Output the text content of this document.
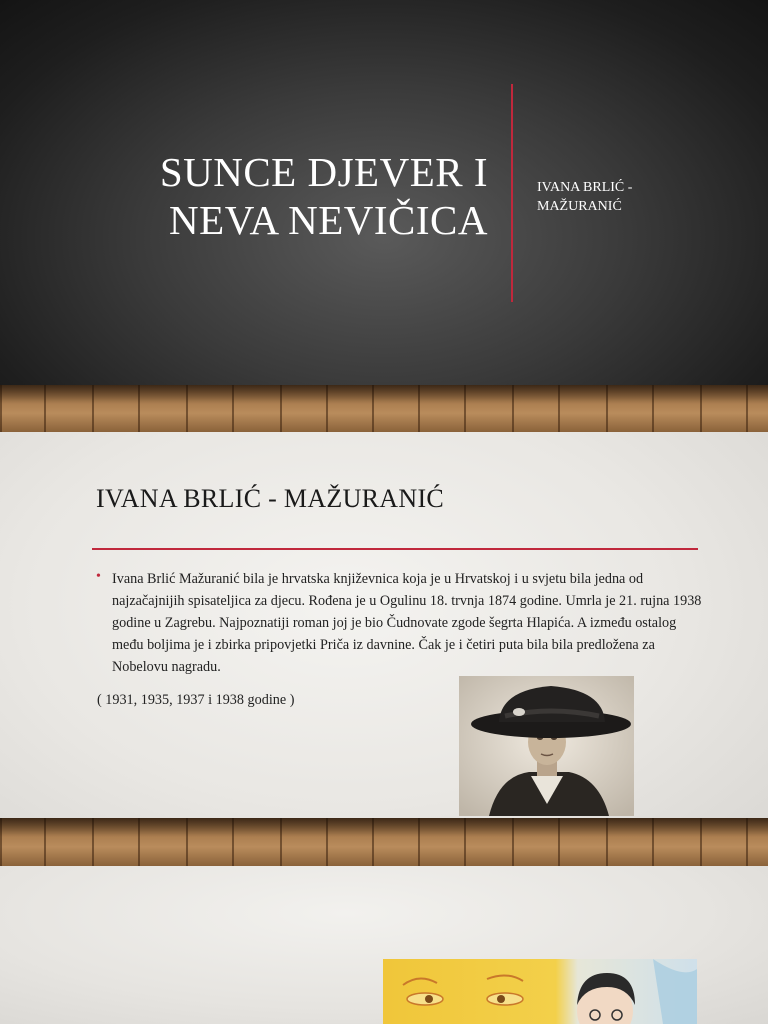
SUNCE DJEVER I
NEVA NEVIČICA
IVANA BRLIĆ -
MAŽURANIĆ
IVANA BRLIĆ - MAŽURANIĆ
• Ivana Brlić Mažuranić bila je hrvatska književnica koja je u Hrvatskoj i u svjetu bila jedna od najzačajnijih spisateljica za djecu. Rođena je u Ogulinu 18. trvnja 1874 godine. Umrla je 21. rujna 1938 godine u Zagrebu. Najpoznatiji roman joj je bio Čudnovate zgode šegrta Hlapića. A između ostalog među boljima je i zbirka pripovjetki Priča iz davnine. Čak je i četiri puta bila bila predložena za Nobelovu nagradu.
( 1931, 1935, 1937 i 1938 godine )
